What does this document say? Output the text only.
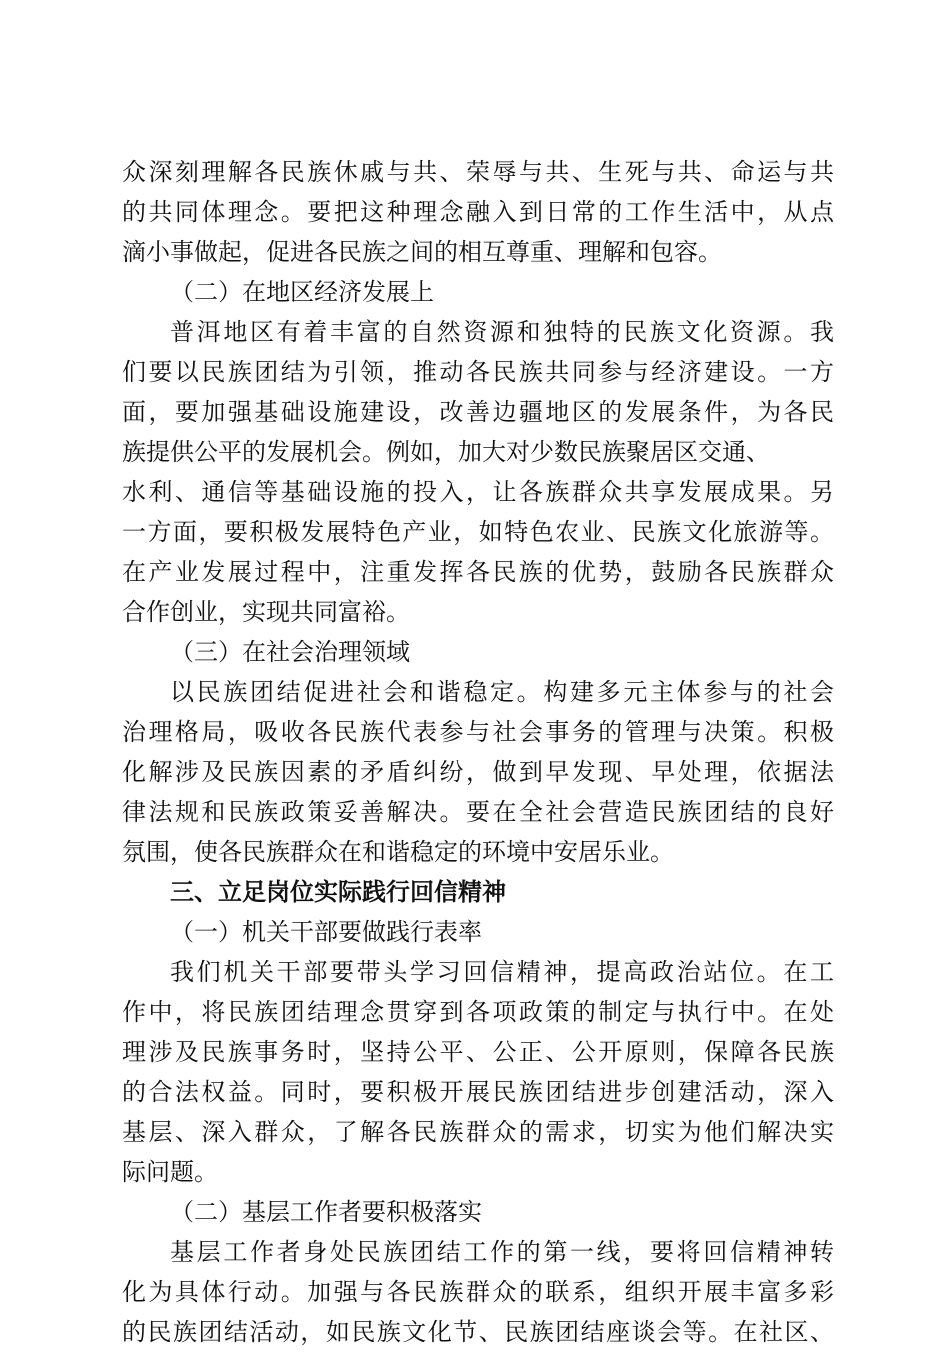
众深刻理解各民族休戚与共、荣辱与共、生死与共、命运与共
的共同体理念。要把这种理念融入到日常的工作生活中，从点
滴小事做起，促进各民族之间的相互尊重、理解和包容。
（二）在地区经济发展上
普洱地区有着丰富的自然资源和独特的民族文化资源。我
们要以民族团结为引领，推动各民族共同参与经济建设。一方
面，要加强基础设施建设，改善边疆地区的发展条件，为各民
族提供公平的发展机会。例如，加大对少数民族聚居区交通、
水利、通信等基础设施的投入，让各族群众共享发展成果。另
一方面，要积极发展特色产业，如特色农业、民族文化旅游等。
在产业发展过程中，注重发挥各民族的优势，鼓励各民族群众
合作创业，实现共同富裕。
（三）在社会治理领域
以民族团结促进社会和谐稳定。构建多元主体参与的社会
治理格局，吸收各民族代表参与社会事务的管理与决策。积极
化解涉及民族因素的矛盾纠纷，做到早发现、早处理，依据法
律法规和民族政策妥善解决。要在全社会营造民族团结的良好
氛围，使各民族群众在和谐稳定的环境中安居乐业。
三、立足岗位实际践行回信精神
（一）机关干部要做践行表率
我们机关干部要带头学习回信精神，提高政治站位。在工
作中，将民族团结理念贯穿到各项政策的制定与执行中。在处
理涉及民族事务时，坚持公平、公正、公开原则，保障各民族
的合法权益。同时，要积极开展民族团结进步创建活动，深入
基层、深入群众，了解各民族群众的需求，切实为他们解决实
际问题。
（二）基层工作者要积极落实
基层工作者身处民族团结工作的第一线，要将回信精神转
化为具体行动。加强与各民族群众的联系，组织开展丰富多彩
的民族团结活动，如民族文化节、民族团结座谈会等。在社区、
